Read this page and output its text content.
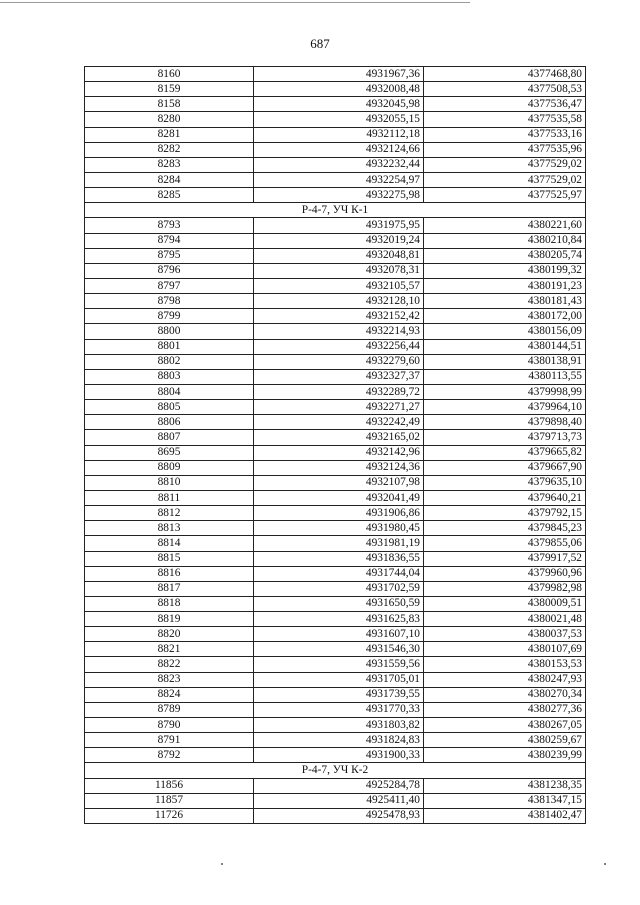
687
8160	4931967,36	4377468,80
8159	4932008,48	4377508,53
8158	4932045,98	4377536,47
8280	4932055,15	4377535,58
8281	4932112,18	4377533,16
8282	4932124,66	4377535,96
8283	4932232,44	4377529,02
8284	4932254,97	4377529,02
8285	4932275,98	4377525,97
Р-4-7, УЧ К-1		
8793	4931975,95	4380221,60
8794	4932019,24	4380210,84
8795	4932048,81	4380205,74
8796	4932078,31	4380199,32
8797	4932105,57	4380191,23
8798	4932128,10	4380181,43
8799	4932152,42	4380172,00
8800	4932214,93	4380156,09
8801	4932256,44	4380144,51
8802	4932279,60	4380138,91
8803	4932327,37	4380113,55
8804	4932289,72	4379998,99
8805	4932271,27	4379964,10
8806	4932242,49	4379898,40
8807	4932165,02	4379713,73
8695	4932142,96	4379665,82
8809	4932124,36	4379667,90
8810	4932107,98	4379635,10
8811	4932041,49	4379640,21
8812	4931906,86	4379792,15
8813	4931980,45	4379845,23
8814	4931981,19	4379855,06
8815	4931836,55	4379917,52
8816	4931744,04	4379960,96
8817	4931702,59	4379982,98
8818	4931650,59	4380009,51
8819	4931625,83	4380021,48
8820	4931607,10	4380037,53
8821	4931546,30	4380107,69
8822	4931559,56	4380153,53
8823	4931705,01	4380247,93
8824	4931739,55	4380270,34
8789	4931770,33	4380277,36
8790	4931803,82	4380267,05
8791	4931824,83	4380259,67
8792	4931900,33	4380239,99
Р-4-7, УЧ К-2		
11856	4925284,78	4381238,35
11857	4925411,40	4381347,15
11726	4925478,93	4381402,47
